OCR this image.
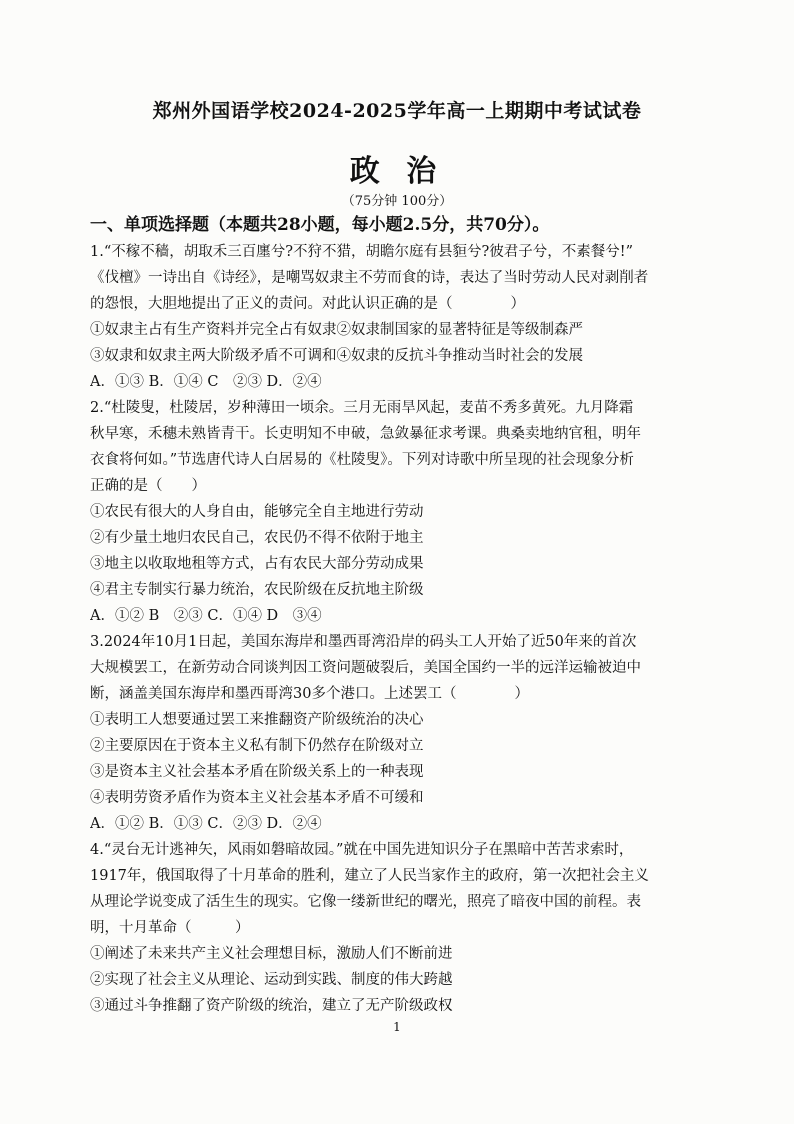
郑州外国语学校2024-2025学年高一上期期中考试试卷
政 治
（75分钟 100分）
一、单项选择题（本题共28小题，每小题2.5分，共70分）。
1.“不稼不穑，胡取禾三百廛兮?不狩不猎，胡瞻尔庭有县貆兮?彼君子兮，不素餐兮!”
《伐檀》一诗出自《诗经》，是嘲骂奴隶主不劳而食的诗，表达了当时劳动人民对剥削者
的怨恨，大胆地提出了正义的责问。对此认识正确的是（　　　　）
①奴隶主占有生产资料并完全占有奴隶②奴隶制国家的显著特征是等级制森严
③奴隶和奴隶主两大阶级矛盾不可调和④奴隶的反抗斗争推动当时社会的发展
A．①③ B．①④ C　②③ D．②④
2.“杜陵叟，杜陵居，岁种薄田一顷余。三月无雨旱风起，麦苗不秀多黄死。九月降霜
秋早寒，禾穗未熟皆青干。长吏明知不申破，急敛暴征求考课。典桑卖地纳官租，明年
衣食将何如。”节选唐代诗人白居易的《杜陵叟》。下列对诗歌中所呈现的社会现象分析
正确的是（　　）
①农民有很大的人身自由，能够完全自主地进行劳动
②有少量土地归农民自己，农民仍不得不依附于地主
③地主以收取地租等方式，占有农民大部分劳动成果
④君主专制实行暴力统治，农民阶级在反抗地主阶级
A．①② B　②③ C．①④ D　③④
3.2024年10月1日起，美国东海岸和墨西哥湾沿岸的码头工人开始了近50年来的首次
大规模罢工，在新劳动合同谈判因工资问题破裂后，美国全国约一半的远洋运输被迫中
断，涵盖美国东海岸和墨西哥湾30多个港口。上述罢工（　　　　）
①表明工人想要通过罢工来推翻资产阶级统治的决心
②主要原因在于资本主义私有制下仍然存在阶级对立
③是资本主义社会基本矛盾在阶级关系上的一种表现
④表明劳资矛盾作为资本主义社会基本矛盾不可缓和
A．①② B．①③ C．②③ D．②④
4.“灵台无计逃神矢，风雨如磐暗故园。”就在中国先进知识分子在黑暗中苦苦求索时，
1917年，俄国取得了十月革命的胜利，建立了人民当家作主的政府，第一次把社会主义
从理论学说变成了活生生的现实。它像一缕新世纪的曙光，照亮了暗夜中国的前程。表
明，十月革命（　　　）
①阐述了未来共产主义社会理想目标，激励人们不断前进
②实现了社会主义从理论、运动到实践、制度的伟大跨越
③通过斗争推翻了资产阶级的统治，建立了无产阶级政权
1
